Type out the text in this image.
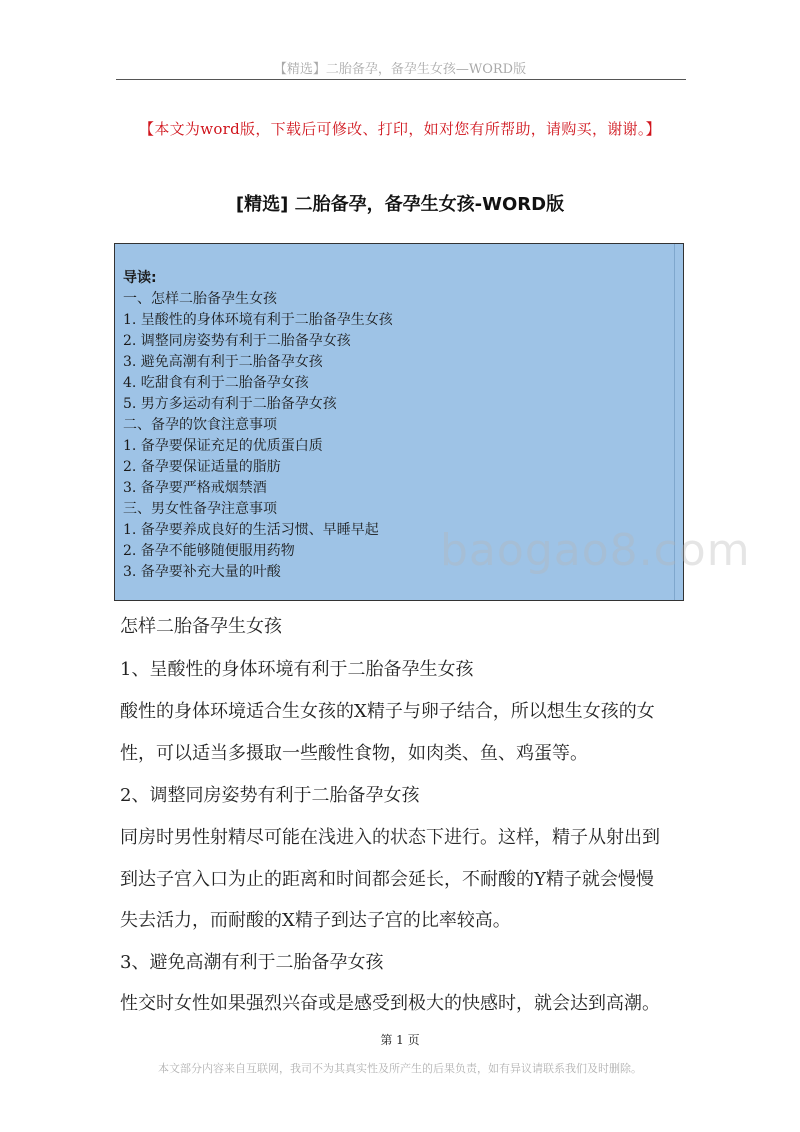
【精选】二胎备孕，备孕生女孩—WORD版
【本文为word版，下载后可修改、打印，如对您有所帮助，请购买，谢谢。】
[精选] 二胎备孕，备孕生女孩-WORD版
导读:
一、怎样二胎备孕生女孩
1. 呈酸性的身体环境有利于二胎备孕生女孩
2. 调整同房姿势有利于二胎备孕女孩
3. 避免高潮有利于二胎备孕女孩
4. 吃甜食有利于二胎备孕女孩
5. 男方多运动有利于二胎备孕女孩
二、备孕的饮食注意事项
1. 备孕要保证充足的优质蛋白质
2. 备孕要保证适量的脂肪
3. 备孕要严格戒烟禁酒
三、男女性备孕注意事项
1. 备孕要养成良好的生活习惯、早睡早起
2. 备孕不能够随便服用药物
3. 备孕要补充大量的叶酸	baogao8.com
怎样二胎备孕生女孩
1、呈酸性的身体环境有利于二胎备孕生女孩
酸性的身体环境适合生女孩的X精子与卵子结合，所以想生女孩的女
性，可以适当多摄取一些酸性食物，如肉类、鱼、鸡蛋等。
2、调整同房姿势有利于二胎备孕女孩
同房时男性射精尽可能在浅进入的状态下进行。这样，精子从射出到
到达子宫入口为止的距离和时间都会延长，不耐酸的Y精子就会慢慢
失去活力，而耐酸的X精子到达子宫的比率较高。
3、避免高潮有利于二胎备孕女孩
性交时女性如果强烈兴奋或是感受到极大的快感时，就会达到高潮。
第 1 页
本文部分内容来自互联网，我司不为其真实性及所产生的后果负责，如有异议请联系我们及时删除。
